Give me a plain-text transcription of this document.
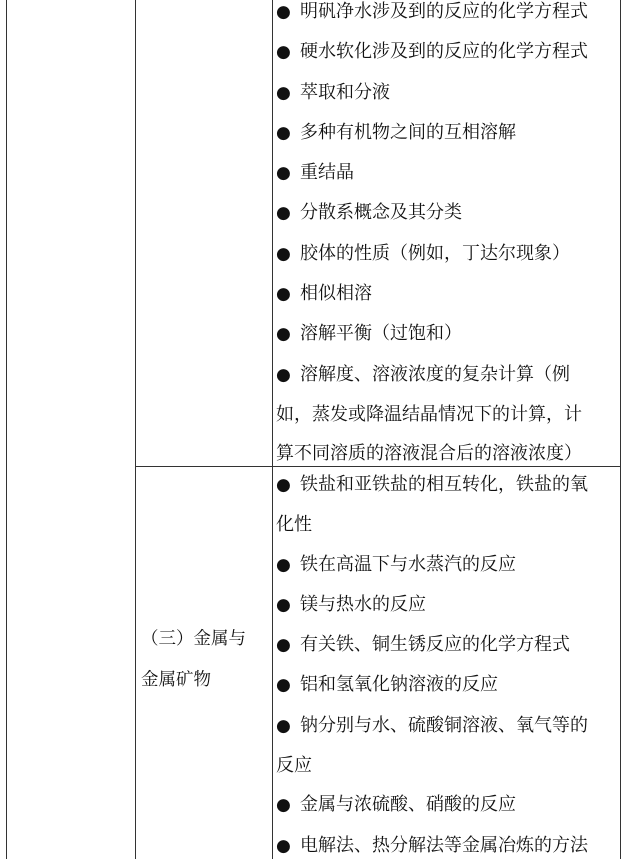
● 明矾净水涉及到的反应的化学方程式
● 硬水软化涉及到的反应的化学方程式
● 萃取和分液
● 多种有机物之间的互相溶解
● 重结晶
● 分散系概念及其分类
● 胶体的性质（例如，丁达尔现象）
● 相似相溶
● 溶解平衡（过饱和）
● 溶解度、溶液浓度的复杂计算（例
如，蒸发或降温结晶情况下的计算，计
算不同溶质的溶液混合后的溶液浓度）
（三）金属与
金属矿物
● 铁盐和亚铁盐的相互转化，铁盐的氧
化性
● 铁在高温下与水蒸汽的反应
● 镁与热水的反应
● 有关铁、铜生锈反应的化学方程式
● 铝和氢氧化钠溶液的反应
● 钠分别与水、硫酸铜溶液、氧气等的
反应
● 金属与浓硫酸、硝酸的反应
● 电解法、热分解法等金属冶炼的方法
